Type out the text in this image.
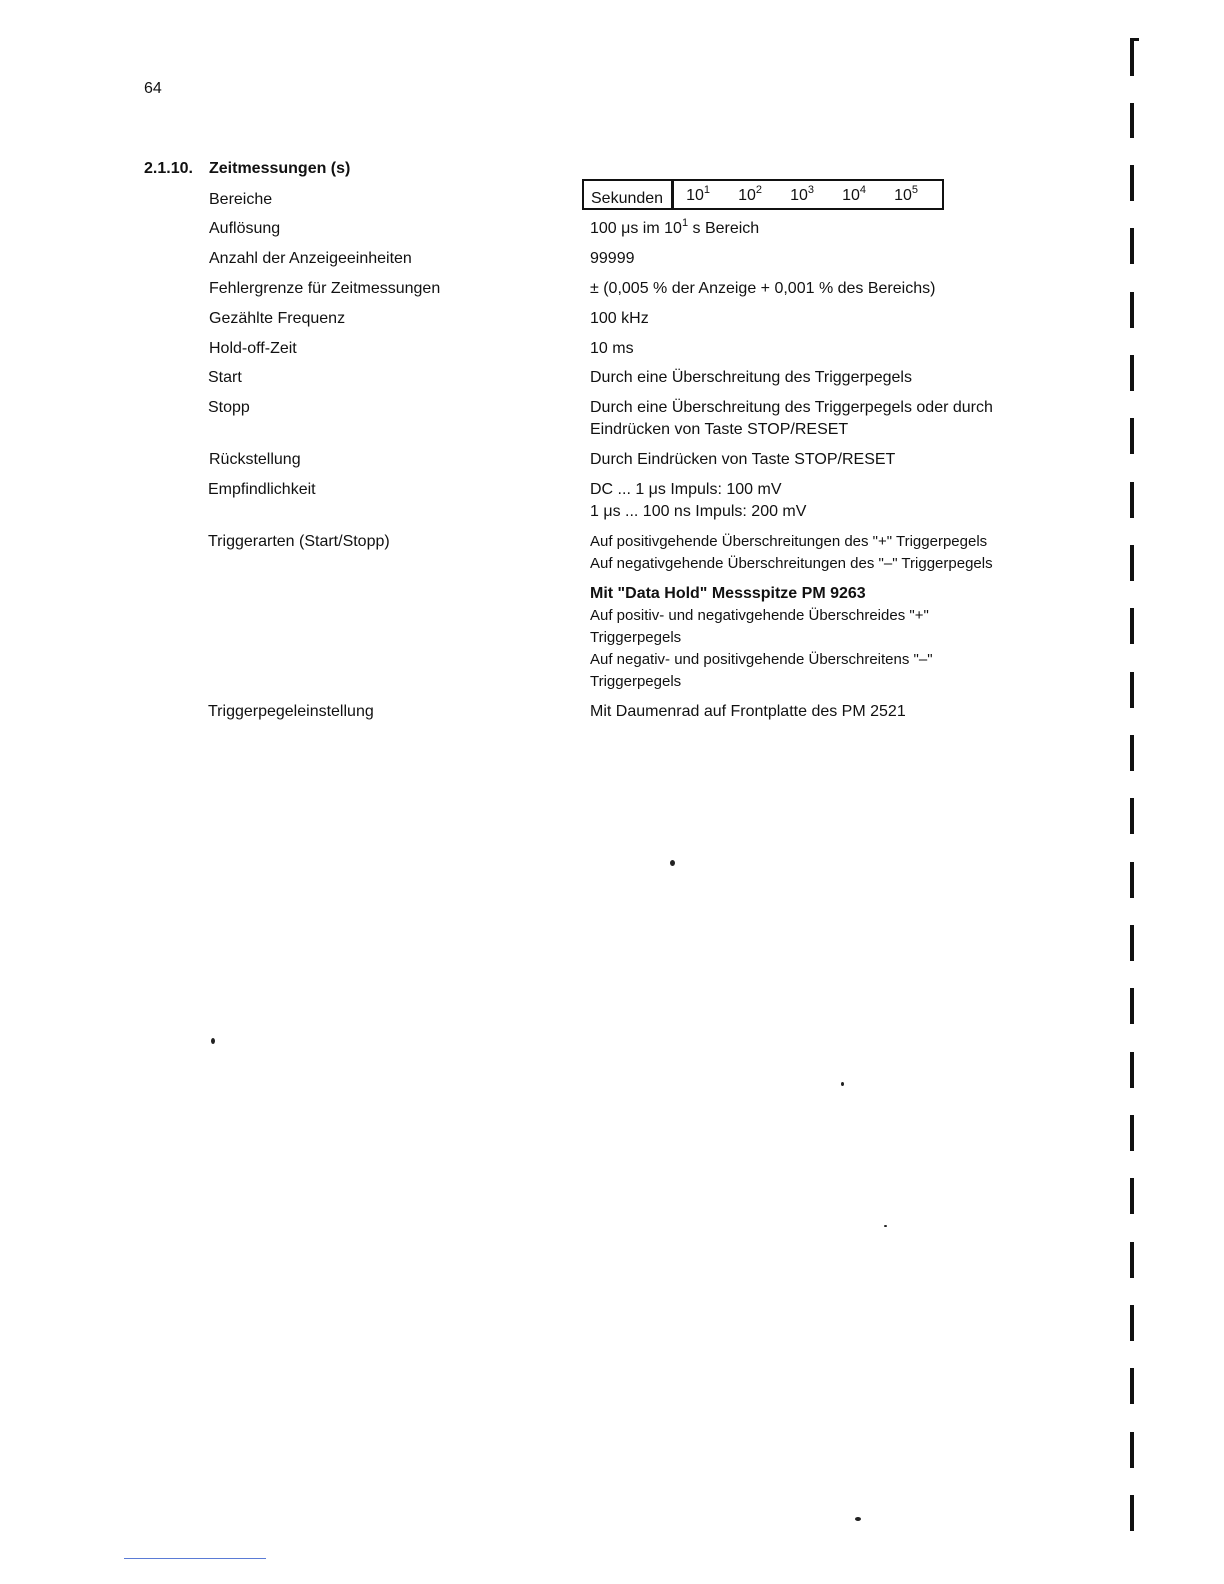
64
2.1.10. Zeitmessungen (s)
Bereiche	Sekunden	$10^1$	$10^2$	$10^3$	$10^4$	$10^5$
Auflösung	100 μs im $10^1$ s Bereich
Anzahl der Anzeigeeinheiten	99999
Fehlergrenze für Zeitmessungen	± (0,005 % der Anzeige + 0,001 % des Bereichs)
Gezählte Frequenz	100 kHz
Hold-off-Zeit	10 ms
Start	Durch eine Überschreitung des Triggerpegels
Stopp	Durch eine Überschreitung des Triggerpegels oder durch
Eindrücken von Taste STOP/RESET
Rückstellung	Durch Eindrücken von Taste STOP/RESET
Empfindlichkeit	DC ... 1 μs Impuls: 100 mV
1 μs ... 100 ns Impuls: 200 mV
Triggerarten (Start/Stopp)	Auf positivgehende Überschreitungen des "+" Triggerpegels
Auf negativgehende Überschreitungen des "–" Triggerpegels
Mit "Data Hold" Messspitze PM 9263
Auf positiv- und negativgehende Überschreides "+"
Triggerpegels
Auf negativ- und positivgehende Überschreitens "–"
Triggerpegels
Triggerpegeleinstellung	Mit Daumenrad auf Frontplatte des PM 2521
